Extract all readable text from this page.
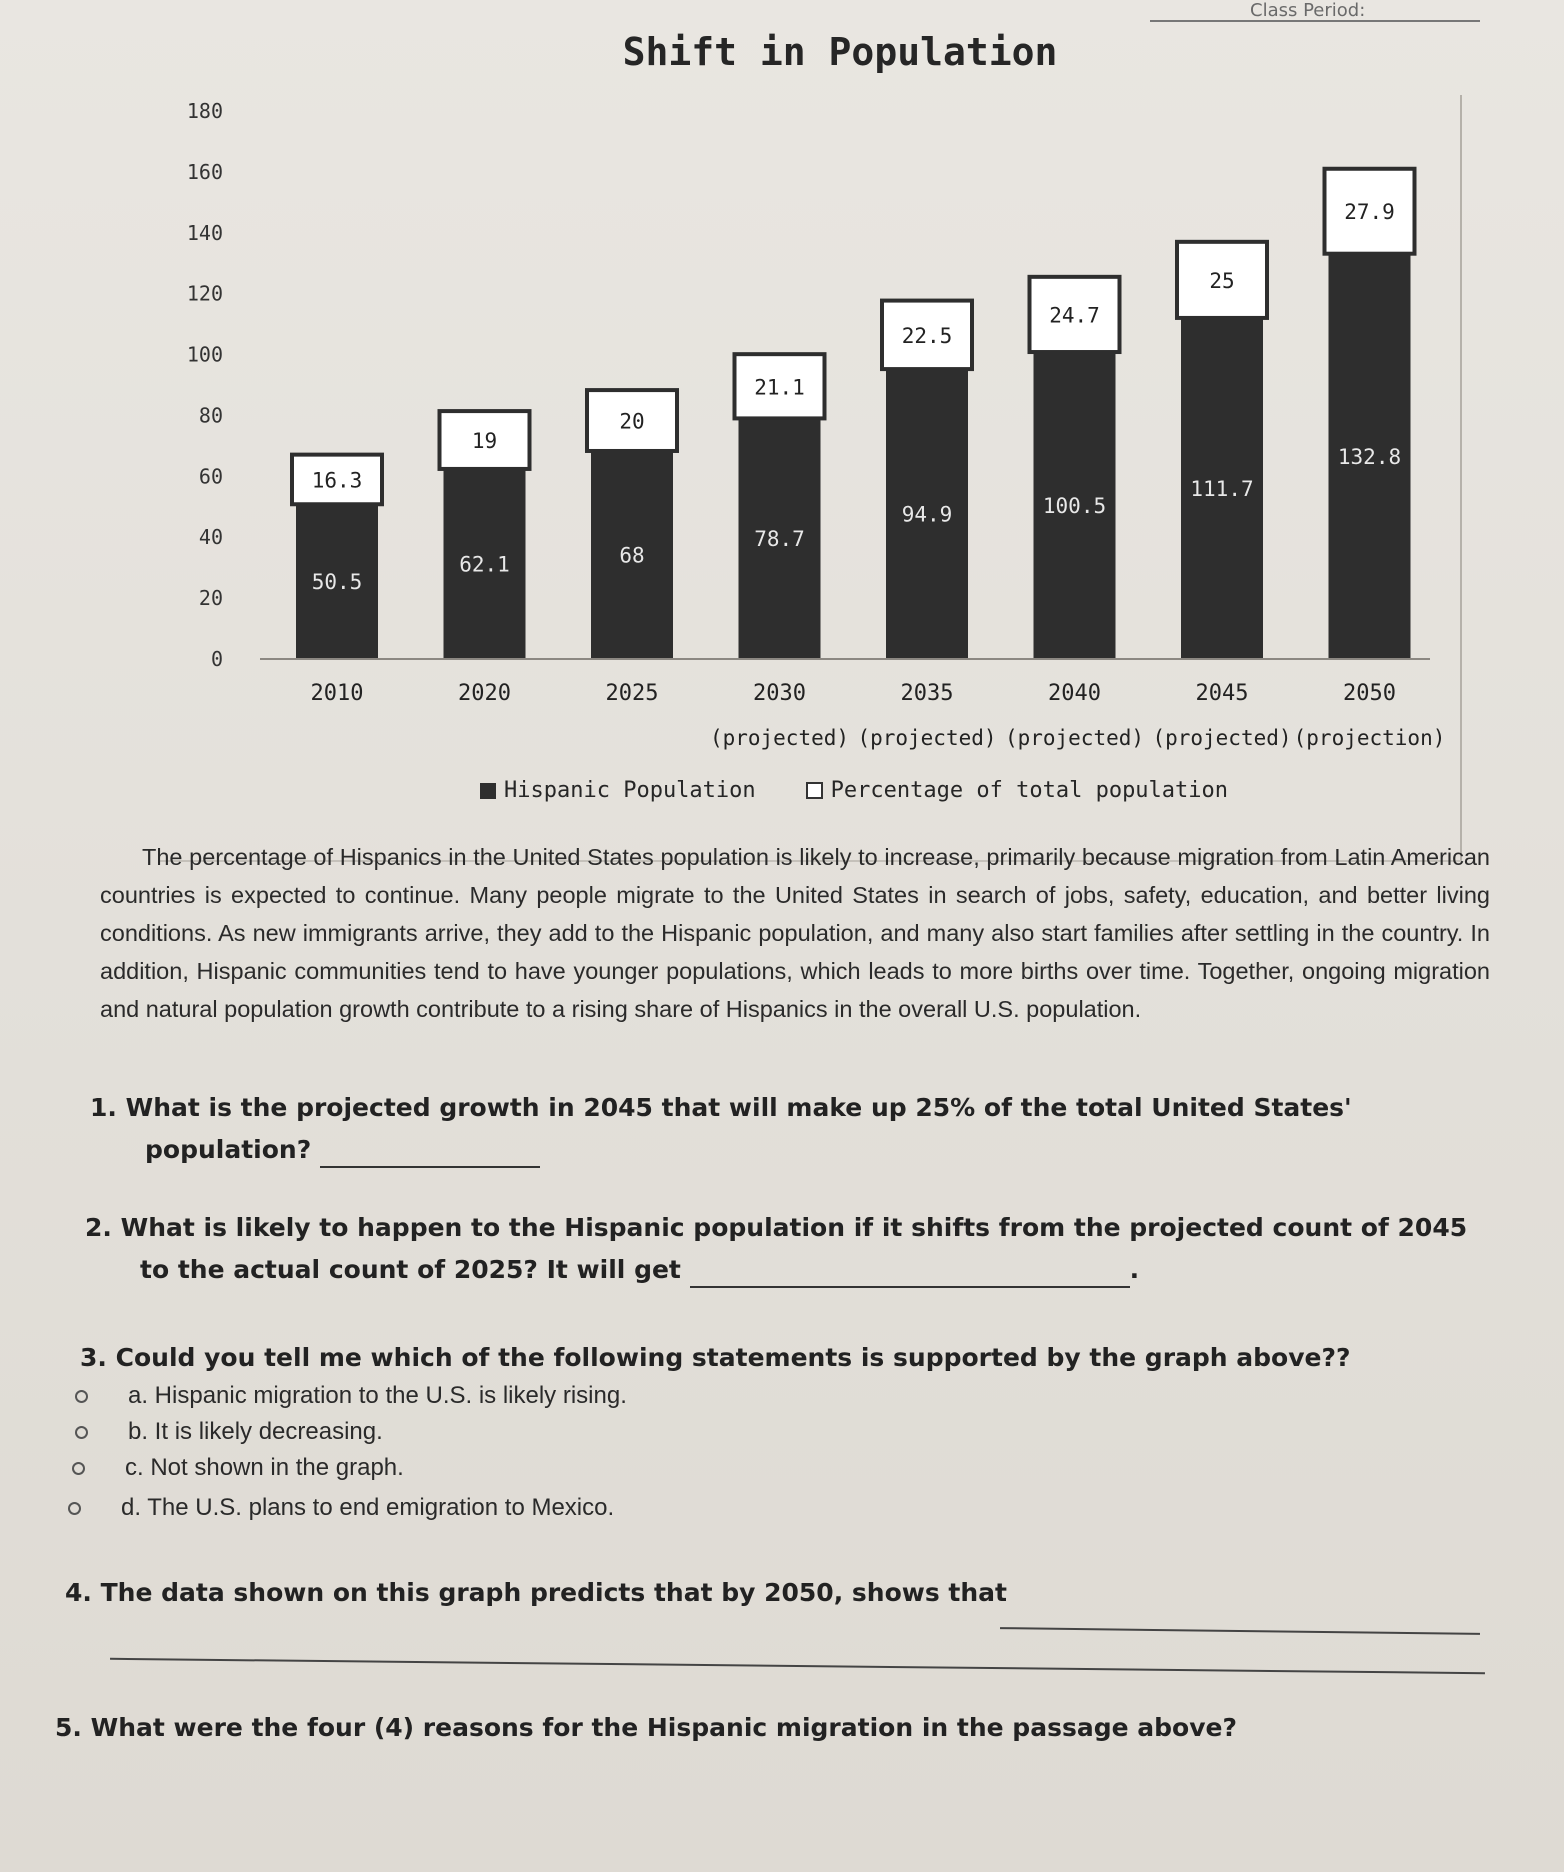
Class Period:
Shift in Population
0
20
40
60
80
100
120
140
160
180
50.5
16.3
2010
62.1
19
2020
68
20
2025
78.7
21.1
2030
(projected)
94.9
22.5
2035
(projected)
100.5
24.7
2040
(projected)
111.7
25
2045
(projected)
132.8
27.9
2050
(projection)
Hispanic Population	Percentage of total population
The percentage of Hispanics in the United States population is likely to increase, primarily because migration from Latin American countries is expected to continue. Many people migrate to the United States in search of jobs, safety, education, and better living conditions. As new immigrants arrive, they add to the Hispanic population, and many also start families after settling in the country. In addition, Hispanic communities tend to have younger populations, which leads to more births over time. Together, ongoing migration and natural population growth contribute to a rising share of Hispanics in the overall U.S. population.
1. What is the projected growth in 2045 that will make up 25% of the total United States'
population?
2. What is likely to happen to the Hispanic population if it shifts from the projected count of 2045
to the actual count of 2025? It will get	.
3. Could you tell me which of the following statements is supported by the graph above??
a. Hispanic migration to the U.S. is likely rising.
b. It is likely decreasing.
c. Not shown in the graph.
d. The U.S. plans to end emigration to Mexico.
4. The data shown on this graph predicts that by 2050, shows that
5. What were the four (4) reasons for the Hispanic migration in the passage above?
